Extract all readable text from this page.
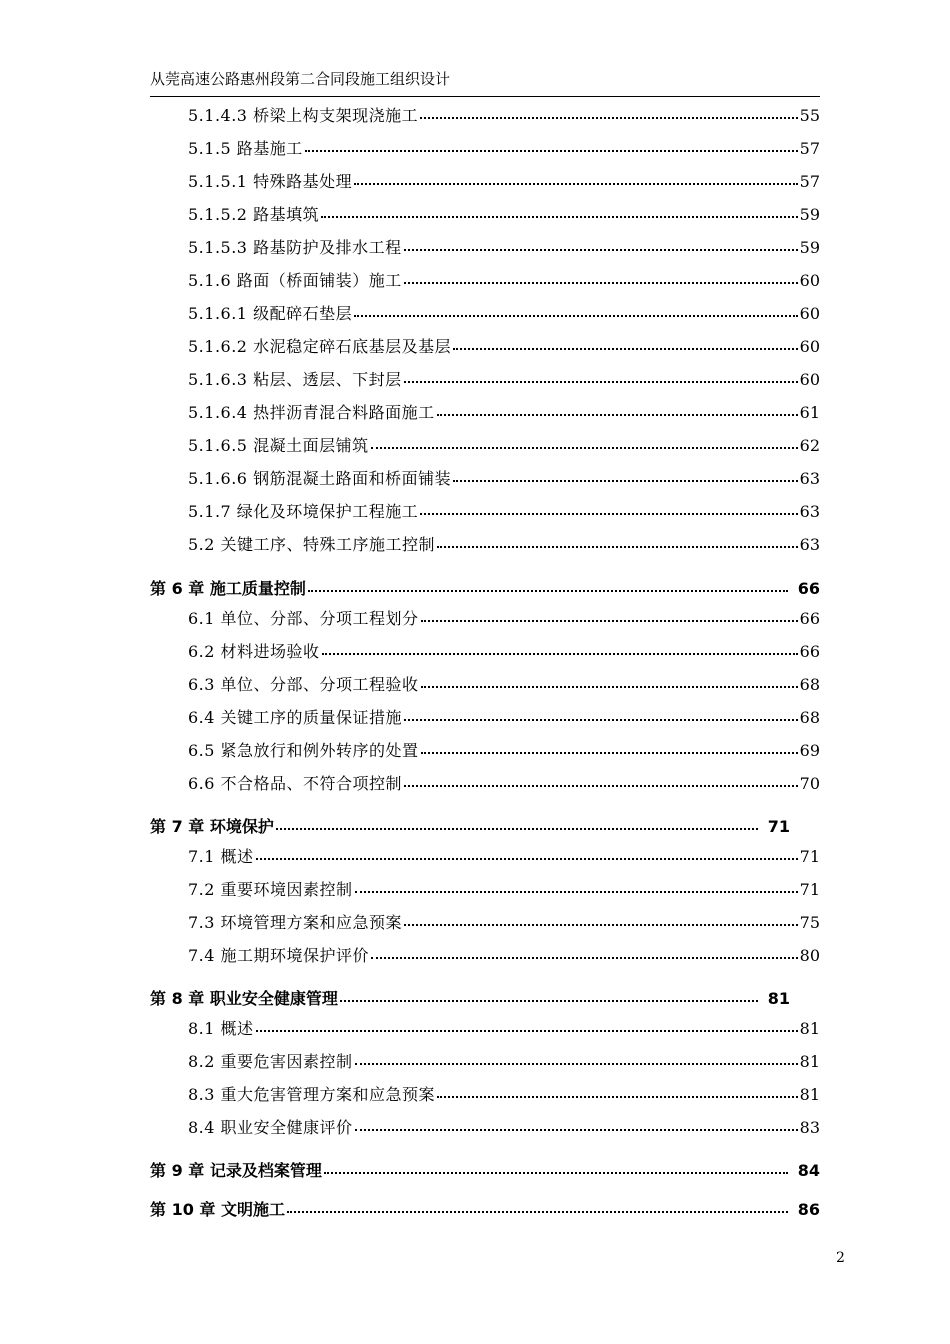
从莞高速公路惠州段第二合同段施工组织设计
5.1.4.3 桥梁上构支架现浇施工	55
5.1.5 路基施工	57
5.1.5.1 特殊路基处理	57
5.1.5.2 路基填筑	59
5.1.5.3 路基防护及排水工程	59
5.1.6 路面（桥面铺装）施工	60
5.1.6.1 级配碎石垫层	60
5.1.6.2 水泥稳定碎石底基层及基层	60
5.1.6.3 粘层、透层、下封层	60
5.1.6.4 热拌沥青混合料路面施工	61
5.1.6.5 混凝土面层铺筑	62
5.1.6.6 钢筋混凝土路面和桥面铺装	63
5.1.7 绿化及环境保护工程施工	63
5.2 关键工序、特殊工序施工控制	63
第 6 章 施工质量控制	66
6.1 单位、分部、分项工程划分	66
6.2 材料进场验收	66
6.3 单位、分部、分项工程验收	68
6.4 关键工序的质量保证措施	68
6.5 紧急放行和例外转序的处置	69
6.6 不合格品、不符合项控制	70
第 7 章 环境保护	71
7.1 概述	71
7.2 重要环境因素控制	71
7.3 环境管理方案和应急预案	75
7.4 施工期环境保护评价	80
第 8 章 职业安全健康管理	81
8.1 概述	81
8.2 重要危害因素控制	81
8.3 重大危害管理方案和应急预案	81
8.4 职业安全健康评价	83
第 9 章 记录及档案管理	84
第 10 章 文明施工	86
2
